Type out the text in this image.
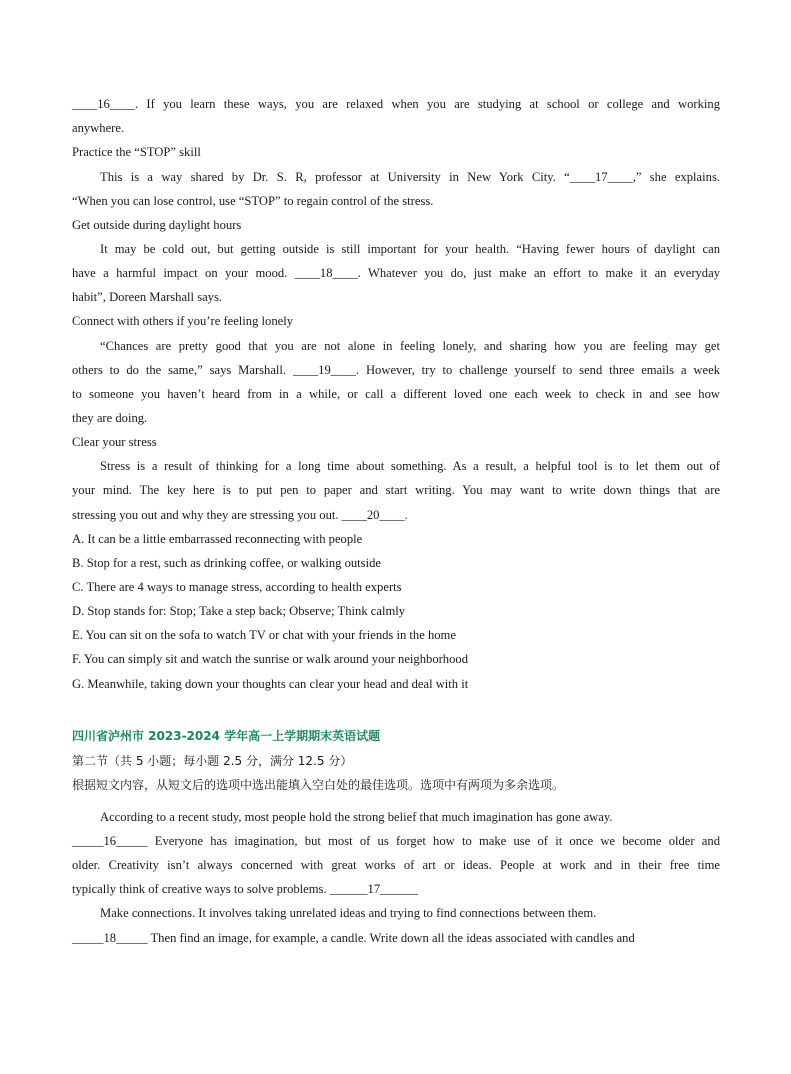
____16____. If you learn these ways, you are relaxed when you are studying at school or college and working
anywhere.
Practice the “STOP” skill
This is a way shared by Dr. S. R, professor at University in New York City. “____17____,” she explains.
“When you can lose control, use “STOP” to regain control of the stress.
Get outside during daylight hours
It may be cold out, but getting outside is still important for your health. “Having fewer hours of daylight can
have a harmful impact on your mood. ____18____. Whatever you do, just make an effort to make it an everyday
habit”, Doreen Marshall says.
Connect with others if you’re feeling lonely
“Chances are pretty good that you are not alone in feeling lonely, and sharing how you are feeling may get
others to do the same,” says Marshall. ____19____. However, try to challenge yourself to send three emails a week
to someone you haven’t heard from in a while, or call a different loved one each week to check in and see how
they are doing.
Clear your stress
Stress is a result of thinking for a long time about something. As a result, a helpful tool is to let them out of
your mind. The key here is to put pen to paper and start writing. You may want to write down things that are
stressing you out and why they are stressing you out. ____20____.
A. It can be a little embarrassed reconnecting with people
B. Stop for a rest, such as drinking coffee, or walking outside
C. There are 4 ways to manage stress, according to health experts
D. Stop stands for: Stop; Take a step back; Observe; Think calmly
E. You can sit on the sofa to watch TV or chat with your friends in the home
F. You can simply sit and watch the sunrise or walk around your neighborhood
G. Meanwhile, taking down your thoughts can clear your head and deal with it
四川省泸州市 2023-2024 学年高一上学期期末英语试题
第二节（共 5 小题；每小题 2.5 分，满分 12.5 分）
根据短文内容，从短文后的选项中选出能填入空白处的最佳选项。选项中有两项为多余选项。
According to a recent study, most people hold the strong belief that much imagination has gone away.
_____16_____ Everyone has imagination, but most of us forget how to make use of it once we become older and
older. Creativity isn’t always concerned with great works of art or ideas. People at work and in their free time
typically think of creative ways to solve problems. ______17______
Make connections. It involves taking unrelated ideas and trying to find connections between them.
_____18_____ Then find an image, for example, a candle. Write down all the ideas associated with candles and
